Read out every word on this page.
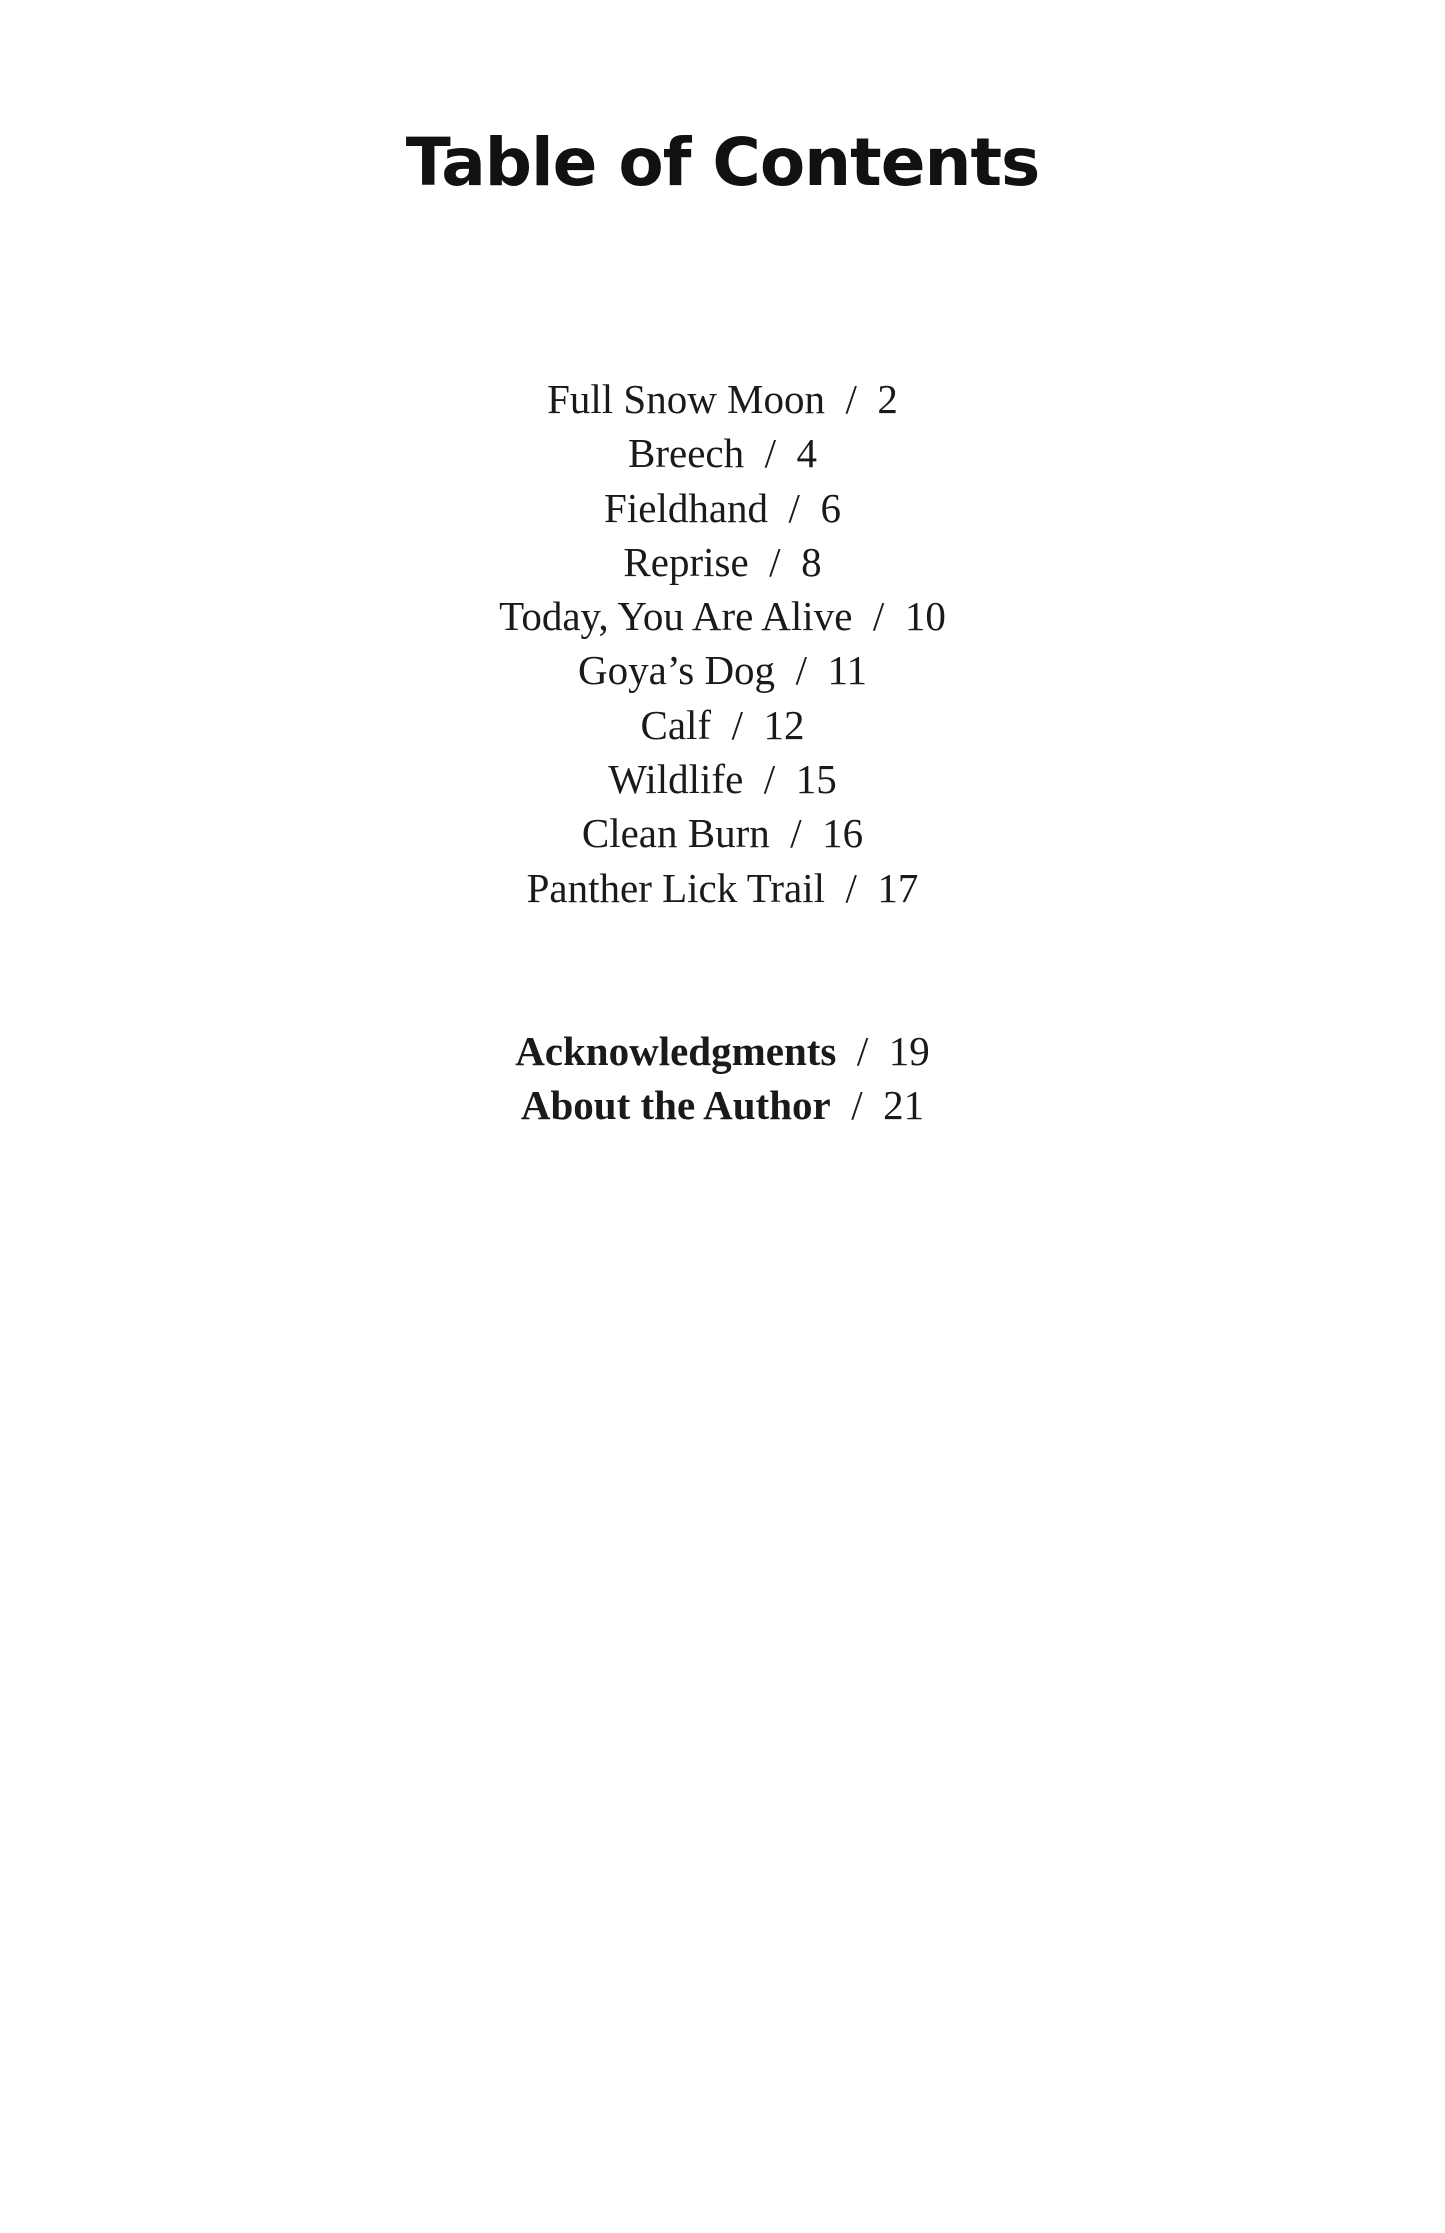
Table of Contents
Full Snow Moon / 2
Breech / 4
Fieldhand / 6
Reprise / 8
Today, You Are Alive / 10
Goya’s Dog / 11
Calf / 12
Wildlife / 15
Clean Burn / 16
Panther Lick Trail / 17
Acknowledgments / 19
About the Author / 21
